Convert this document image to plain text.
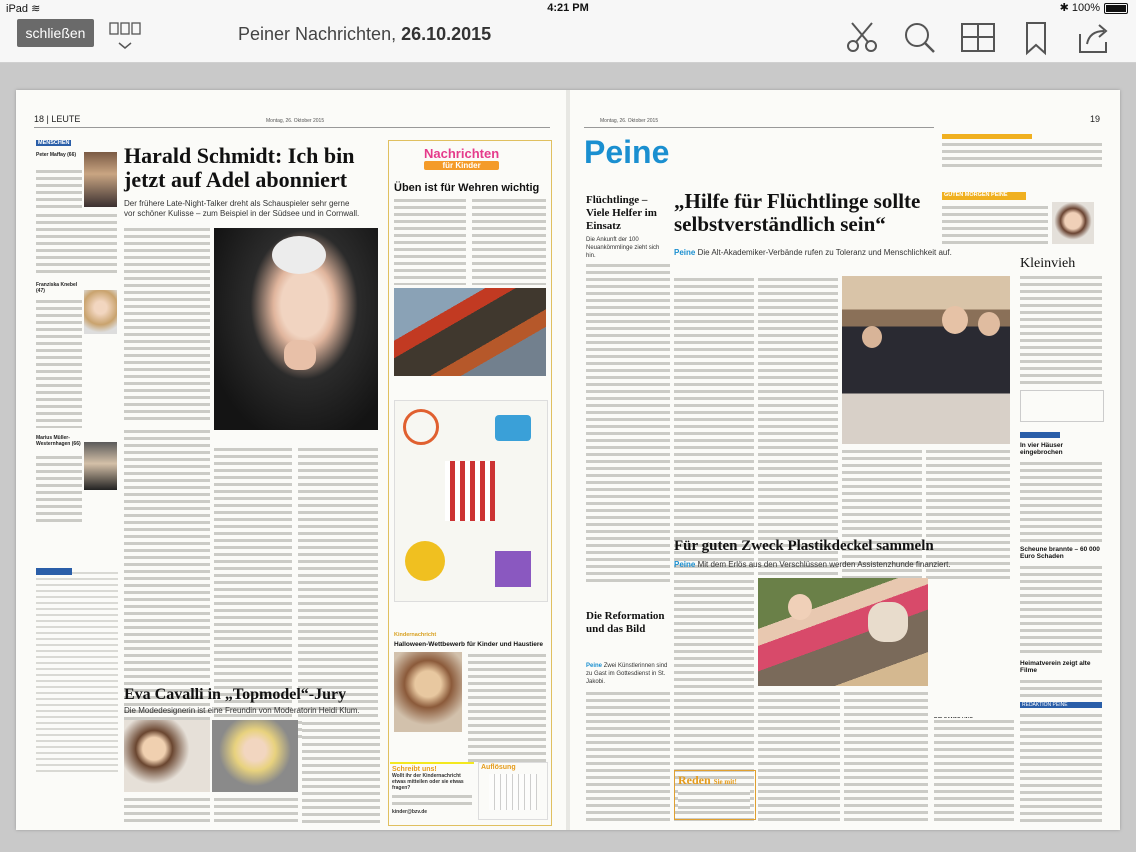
iPad ≋	4:21 PM	✱ 100%
schließen	Peiner Nachrichten, 26.10.2015
18 | LEUTE	Montag, 26. Oktober 2015
MENSCHEN
Peter Maffay (66)
Franziska Knebel (47)
Marius Müller-Westernhagen (66)
Harald Schmidt: Ich bin
jetzt auf Adel abonniert
Der frühere Late-Night-Talker dreht als Schauspieler sehr gerne
vor schöner Kulisse – zum Beispiel in der Südsee und in Cornwall.
Nachrichten
für Kinder
Üben ist für Wehren wichtig
Kindernachricht
Halloween-Wettbewerb für Kinder und Haustiere
Schreibt uns!
Wollt ihr der Kindernachricht etwas mitteilen oder sie etwas fragen?
kinder@bzv.de
Auflösung
Eva Cavalli in „Topmodel“-Jury
Die Modedesignerin ist eine Freundin von Moderatorin Heidi Klum.
Montag, 26. Oktober 2015	19
Peine
GUTEN MORGEN PEINE
Kleinvieh
Flüchtlinge – Viele Helfer im Einsatz
Die Ankunft der 100 Neuankömmlinge zieht sich hin.
„Hilfe für Flüchtlinge sollte
selbstverständlich sein“
Peine Die Alt-Akademiker-Verbände rufen zu Toleranz und Menschlichkeit auf.
In vier Häuser eingebrochen
Scheune brannte – 60 000 Euro Schaden
Heimatverein zeigt alte Filme
REDAKTION PEINE
Für guten Zweck Plastikdeckel sammeln
Peine Mit dem Erlös aus den Verschlüssen werden Assistenzhunde finanziert.
Die Reformation und das Bild
Peine Zwei Künstlerinnen sind zu Gast im Gottesdienst in St. Jakobi.
Reden Sie mit!
